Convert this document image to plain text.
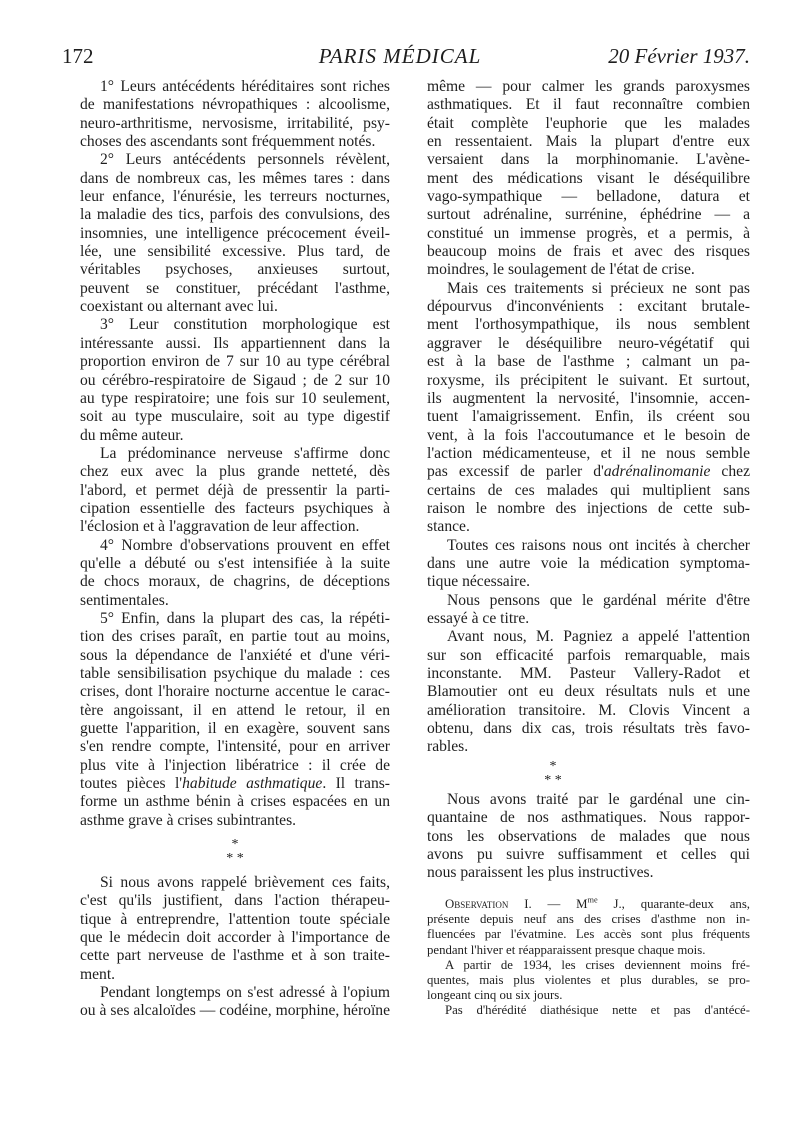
172	PARIS MÉDICAL	20 Février 1937.
1° Leurs antécédents héréditaires sont riches
de manifestations névropathiques : alcoolisme,
neuro-arthritisme, nervosisme, irritabilité, psy-
choses des ascendants sont fréquemment notés.
2° Leurs antécédents personnels révèlent,
dans de nombreux cas, les mêmes tares : dans
leur enfance, l'énurésie, les terreurs nocturnes,
la maladie des tics, parfois des convulsions, des
insomnies, une intelligence précocement éveil-
lée, une sensibilité excessive. Plus tard, de
véritables psychoses, anxieuses surtout,
peuvent se constituer, précédant l'asthme,
coexistant ou alternant avec lui.
3° Leur constitution morphologique est
intéressante aussi. Ils appartiennent dans la
proportion environ de 7 sur 10 au type cérébral
ou cérébro-respiratoire de Sigaud ; de 2 sur 10
au type respiratoire; une fois sur 10 seulement,
soit au type musculaire, soit au type digestif
du même auteur.
La prédominance nerveuse s'affirme donc
chez eux avec la plus grande netteté, dès
l'abord, et permet déjà de pressentir la parti-
cipation essentielle des facteurs psychiques à
l'éclosion et à l'aggravation de leur affection.
4° Nombre d'observations prouvent en effet
qu'elle a débuté ou s'est intensifiée à la suite
de chocs moraux, de chagrins, de déceptions
sentimentales.
5° Enfin, dans la plupart des cas, la répéti-
tion des crises paraît, en partie tout au moins,
sous la dépendance de l'anxiété et d'une véri-
table sensibilisation psychique du malade : ces
crises, dont l'horaire nocturne accentue le carac-
tère angoissant, il en attend le retour, il en
guette l'apparition, il en exagère, souvent sans
s'en rendre compte, l'intensité, pour en arriver
plus vite à l'injection libératrice : il crée de
toutes pièces l'habitude asthmatique. Il trans-
forme un asthme bénin à crises espacées en un
asthme grave à crises subintrantes.
*
* *
Si nous avons rappelé brièvement ces faits,
c'est qu'ils justifient, dans l'action thérapeu-
tique à entreprendre, l'attention toute spéciale
que le médecin doit accorder à l'importance de
cette part nerveuse de l'asthme et à son traite-
ment.
Pendant longtemps on s'est adressé à l'opium
ou à ses alcaloïdes — codéine, morphine, héroïne
même — pour calmer les grands paroxysmes
asthmatiques. Et il faut reconnaître combien
était complète l'euphorie que les malades
en ressentaient. Mais la plupart d'entre eux
versaient dans la morphinomanie. L'avène-
ment des médications visant le déséquilibre
vago-sympathique — belladone, datura et
surtout adrénaline, surrénine, éphédrine — a
constitué un immense progrès, et a permis, à
beaucoup moins de frais et avec des risques
moindres, le soulagement de l'état de crise.
Mais ces traitements si précieux ne sont pas
dépourvus d'inconvénients : excitant brutale-
ment l'orthosympathique, ils nous semblent
aggraver le déséquilibre neuro-végétatif qui
est à la base de l'asthme ; calmant un pa-
roxysme, ils précipitent le suivant. Et surtout,
ils augmentent la nervosité, l'insomnie, accen-
tuent l'amaigrissement. Enfin, ils créent sou
vent, à la fois l'accoutumance et le besoin de
l'action médicamenteuse, et il ne nous semble
pas excessif de parler d'adrénalinomanie chez
certains de ces malades qui multiplient sans
raison le nombre des injections de cette sub-
stance.
Toutes ces raisons nous ont incités à chercher
dans une autre voie la médication symptoma-
tique nécessaire.
Nous pensons que le gardénal mérite d'être
essayé à ce titre.
Avant nous, M. Pagniez a appelé l'attention
sur son efficacité parfois remarquable, mais
inconstante. MM. Pasteur Vallery-Radot et
Blamoutier ont eu deux résultats nuls et une
amélioration transitoire. M. Clovis Vincent a
obtenu, dans dix cas, trois résultats très favo-
rables.
*
* *
Nous avons traité par le gardénal une cin-
quantaine de nos asthmatiques. Nous rappor-
tons les observations de malades que nous
avons pu suivre suffisamment et celles qui
nous paraissent les plus instructives.
Observation I. — $M^{me}$ J., quarante-deux ans,
présente depuis neuf ans des crises d'asthme non in-
fluencées par l'évatmine. Les accès sont plus fréquents
pendant l'hiver et réapparaissent presque chaque mois.
A partir de 1934, les crises deviennent moins fré-
quentes, mais plus violentes et plus durables, se pro-
longeant cinq ou six jours.
Pas d'hérédité diathésique nette et pas d'antécé-
